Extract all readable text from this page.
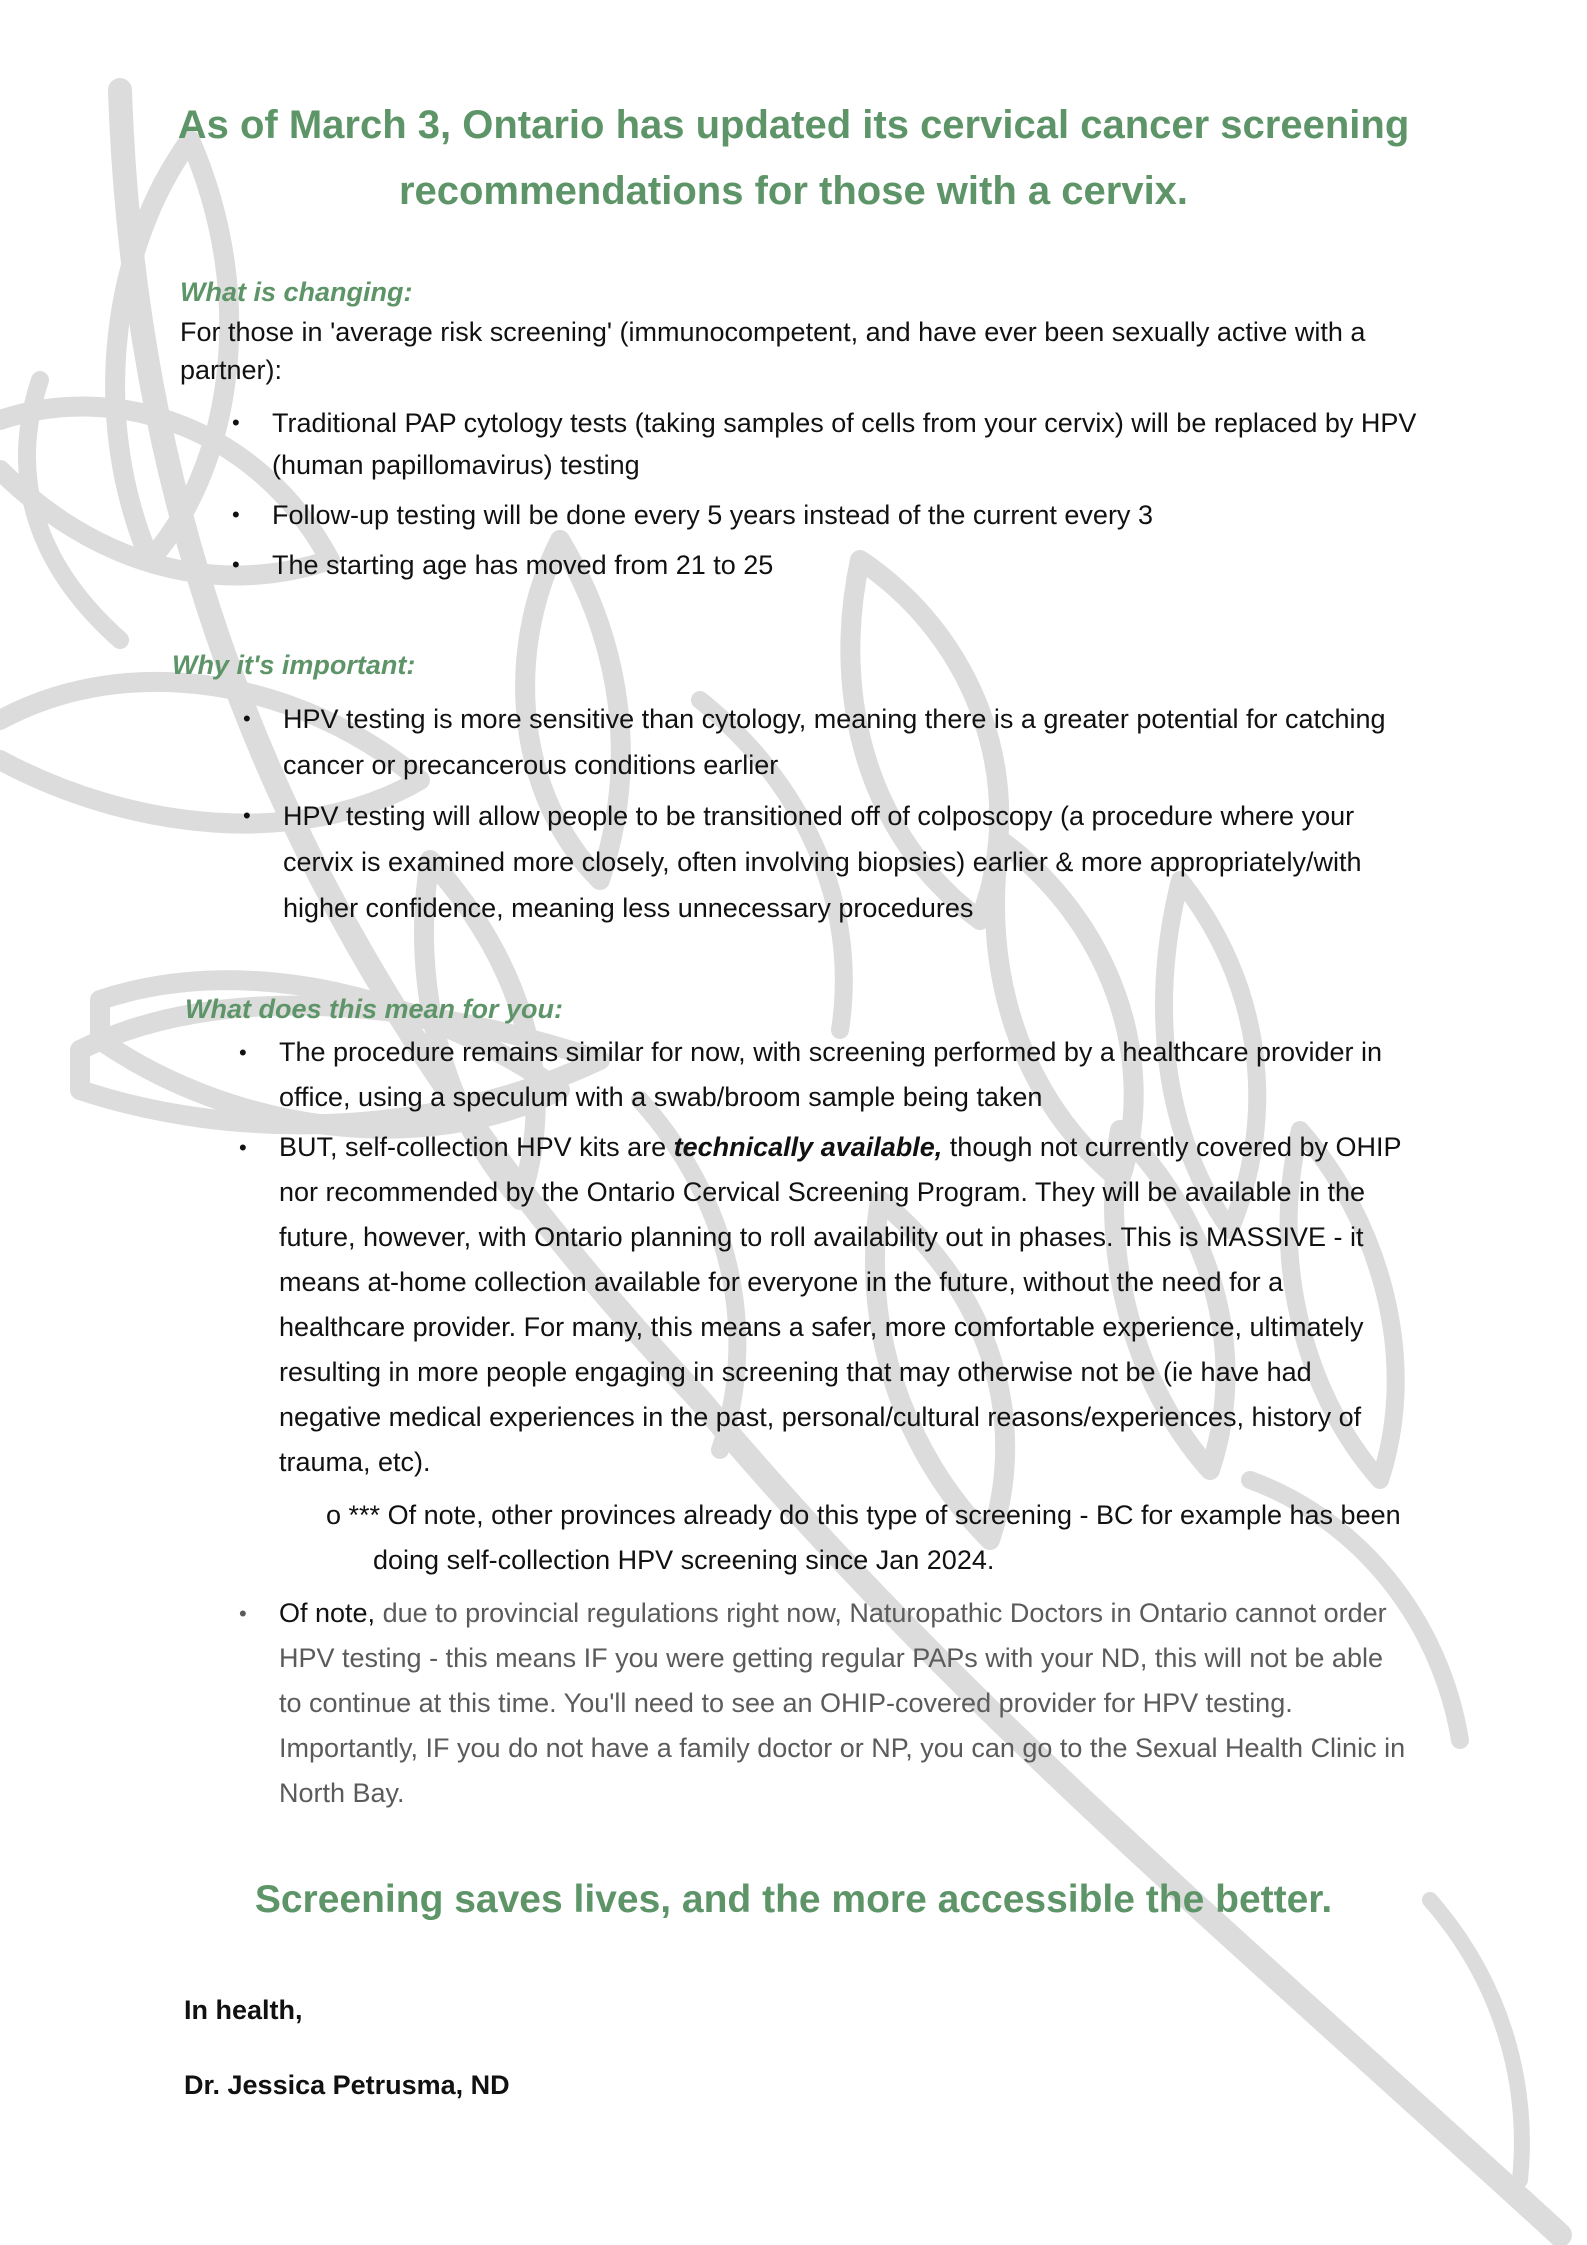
As of March 3, Ontario has updated its cervical cancer screening
recommendations for those with a cervix.
What is changing:

For those in 'average risk screening' (immunocompetent, and have ever been sexually active with a partner):

• Traditional PAP cytology tests (taking samples of cells from your cervix) will be replaced by HPV (human papillomavirus) testing
• Follow-up testing will be done every 5 years instead of the current every 3
• The starting age has moved from 21 to 25
Why it's important:
• HPV testing is more sensitive than cytology, meaning there is a greater potential for catching cancer or precancerous conditions earlier
• HPV testing will allow people to be transitioned off of colposcopy (a procedure where your cervix is examined more closely, often involving biopsies) earlier & more appropriately/with higher confidence, meaning less unnecessary procedures
What does this mean for you:
• The procedure remains similar for now, with screening performed by a healthcare provider in office, using a speculum with a swab/broom sample being taken
• BUT, self-collection HPV kits are technically available, though not currently covered by OHIP nor recommended by the Ontario Cervical Screening Program. They will be available in the future, however, with Ontario planning to roll availability out in phases. This is MASSIVE - it means at-home collection available for everyone in the future, without the need for a healthcare provider. For many, this means a safer, more comfortable experience, ultimately resulting in more people engaging in screening that may otherwise not be (ie have had negative medical experiences in the past, personal/cultural reasons/experiences, history of trauma, etc).
o *** Of note, other provinces already do this type of screening - BC for example has been doing self-collection HPV screening since Jan 2024.
• Of note, due to provincial regulations right now, Naturopathic Doctors in Ontario cannot order HPV testing - this means IF you were getting regular PAPs with your ND, this will not be able to continue at this time. You'll need to see an OHIP-covered provider for HPV testing. Importantly, IF you do not have a family doctor or NP, you can go to the Sexual Health Clinic in North Bay.

Screening saves lives, and the more accessible the better.

In health,

Dr. Jessica Petrusma, ND
